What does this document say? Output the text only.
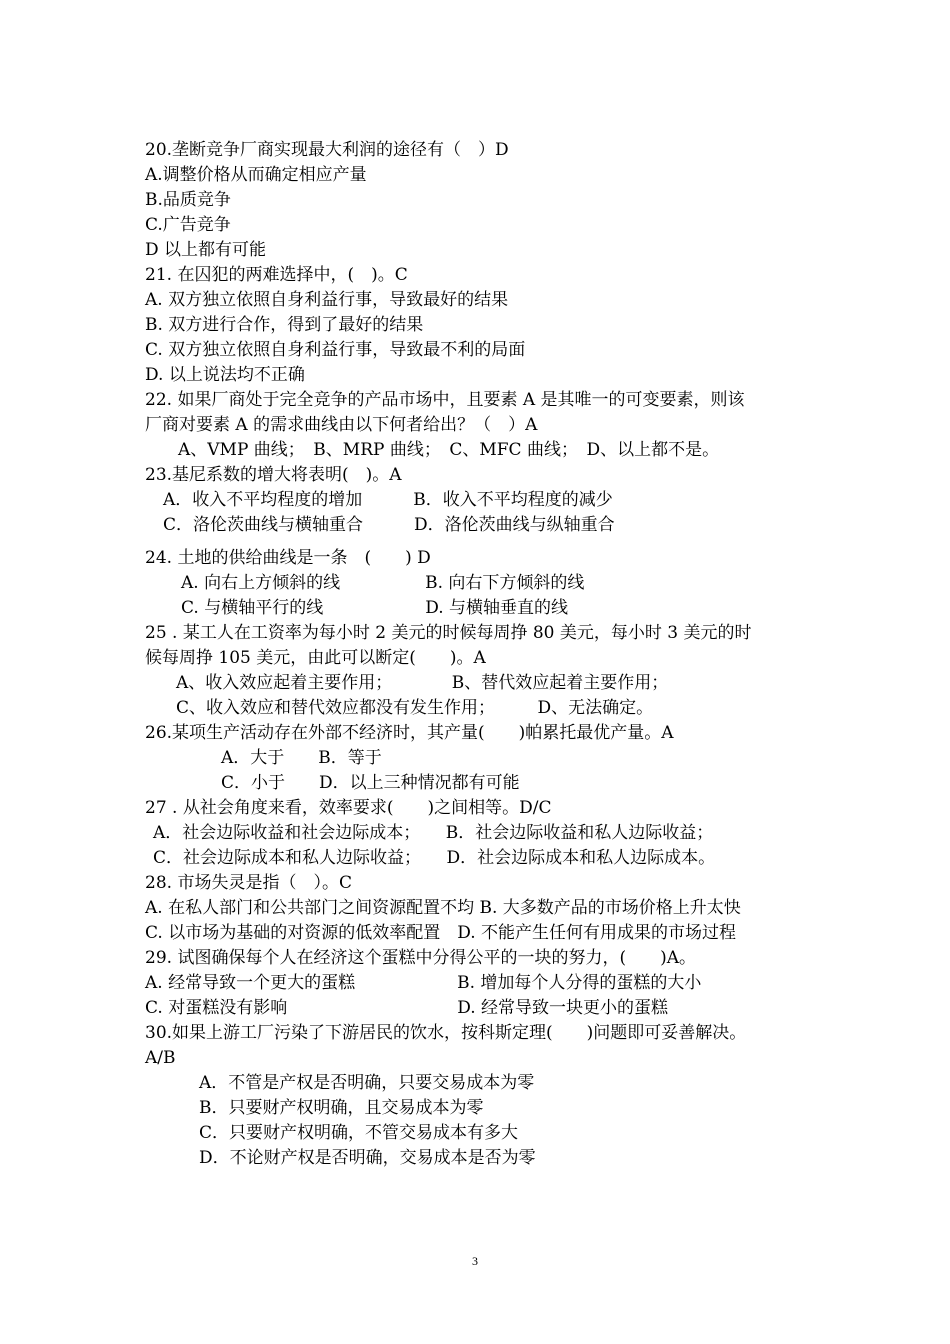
20.垄断竞争厂商实现最大利润的途径有（　）D
A.调整价格从而确定相应产量
B.品质竞争
C.广告竞争
D 以上都有可能
21. 在囚犯的两难选择中，(　)。C
A. 双方独立依照自身利益行事，导致最好的结果
B. 双方进行合作，得到了最好的结果
C. 双方独立依照自身利益行事，导致最不利的局面
D. 以上说法均不正确
22. 如果厂商处于完全竞争的产品市场中，且要素 A 是其唯一的可变要素，则该
厂商对要素 A 的需求曲线由以下何者给出？（　）A
A、VMP 曲线；　B、MRP 曲线；　C、MFC 曲线；　D、以上都不是。
23.基尼系数的增大将表明(　)。A
A．收入不平均程度的增加　　　B．收入不平均程度的减少
C．洛伦茨曲线与横轴重合　　　D．洛伦茨曲线与纵轴重合
24. 土地的供给曲线是一条　(　　) D
A. 向右上方倾斜的线　　　　　B. 向右下方倾斜的线
C. 与横轴平行的线　　　　　　D. 与横轴垂直的线
25 . 某工人在工资率为每小时 2 美元的时候每周挣 80 美元，每小时 3 美元的时
候每周挣 105 美元，由此可以断定(　　)。A
A、收入效应起着主要作用；　　　　B、替代效应起着主要作用；
C、收入效应和替代效应都没有发生作用；　　　D、无法确定。
26.某项生产活动存在外部不经济时，其产量(　　)帕累托最优产量。A
A．大于　　B．等于
C．小于　　D．以上三种情况都有可能
27 . 从社会角度来看，效率要求(　　)之间相等。D/C
A．社会边际收益和社会边际成本；　　B．社会边际收益和私人边际收益；
C．社会边际成本和私人边际收益；　　D．社会边际成本和私人边际成本。
28. 市场失灵是指（　）。C
A. 在私人部门和公共部门之间资源配置不均 B. 大多数产品的市场价格上升太快
C. 以市场为基础的对资源的低效率配置　D. 不能产生任何有用成果的市场过程
29. 试图确保每个人在经济这个蛋糕中分得公平的一块的努力，(　　)A。
A. 经常导致一个更大的蛋糕　　　　　　B. 增加每个人分得的蛋糕的大小
C. 对蛋糕没有影响　　　　　　　　　　D. 经常导致一块更小的蛋糕
30.如果上游工厂污染了下游居民的饮水，按科斯定理(　　)问题即可妥善解决。
A/B
A．不管是产权是否明确，只要交易成本为零
B．只要财产权明确，且交易成本为零
C．只要财产权明确，不管交易成本有多大
D．不论财产权是否明确，交易成本是否为零
3
